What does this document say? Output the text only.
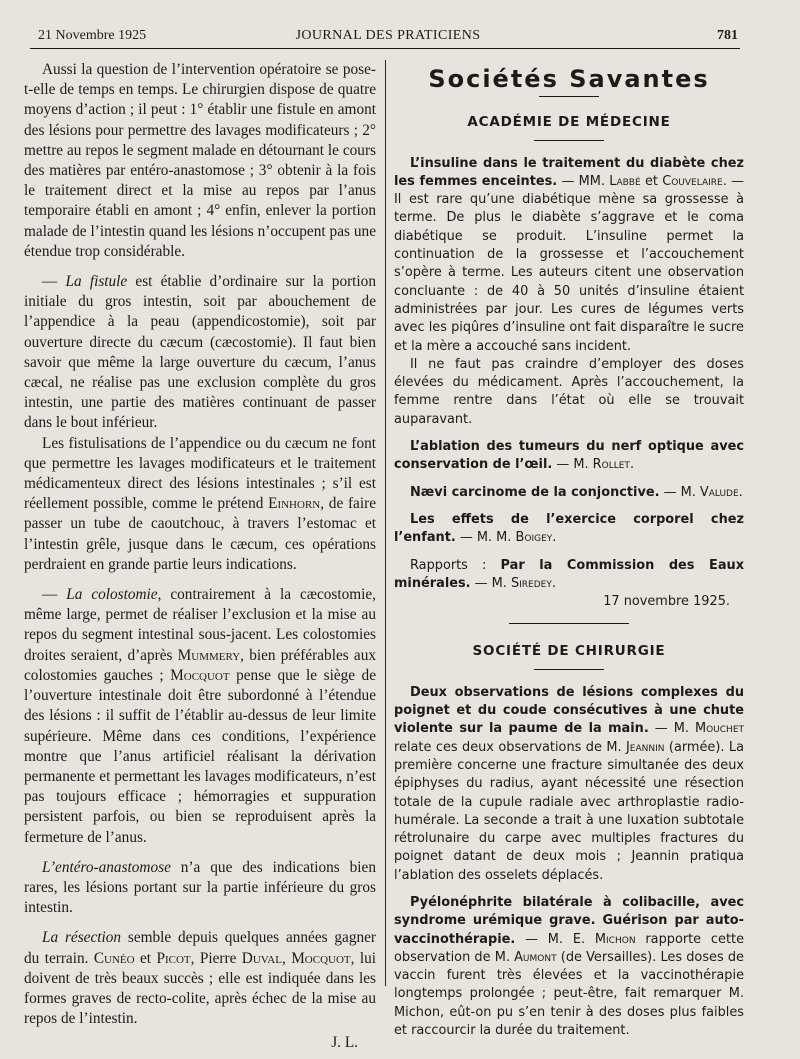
21 Novembre 1925	JOURNAL DES PRATICIENS	781

Aussi la question de l’intervention opératoire se pose-t-elle de temps en temps. Le chirurgien dispose de quatre moyens d’action ; il peut : 1° établir une fistule en amont des lésions pour permettre des lavages modificateurs ; 2° mettre au repos le segment malade en détournant le cours des matières par entéro-anastomose ; 3° obtenir à la fois le traitement direct et la mise au repos par l’anus temporaire établi en amont ; 4° enfin, enlever la portion malade de l’intestin quand les lésions n’occupent pas une étendue trop considérable.

— La fistule est établie d’ordinaire sur la portion initiale du gros intestin, soit par abouchement de l’appendice à la peau (appendicostomie), soit par ouverture directe du cæcum (cæcostomie). Il faut bien savoir que même la large ouverture du cæcum, l’anus cæcal, ne réalise pas une exclusion complète du gros intestin, une partie des matières continuant de passer dans le bout inférieur.

Les fistulisations de l’appendice ou du cæcum ne font que permettre les lavages modificateurs et le traitement médicamenteux direct des lésions intestinales ; s’il est réellement possible, comme le prétend Einhorn, de faire passer un tube de caoutchouc, à travers l’estomac et l’intestin grêle, jusque dans le cæcum, ces opérations perdraient en grande partie leurs indications.

— La colostomie, contrairement à la cæcostomie, même large, permet de réaliser l’exclusion et la mise au repos du segment intestinal sous-jacent. Les colostomies droites seraient, d’après Mummery, bien préférables aux colostomies gauches ; Mocquot pense que le siège de l’ouverture intestinale doit être subordonné à l’étendue des lésions : il suffit de l’établir au-dessus de leur limite supérieure. Même dans ces conditions, l’expérience montre que l’anus artificiel réalisant la dérivation permanente et permettant les lavages modificateurs, n’est pas toujours efficace ; hémorragies et suppuration persistent parfois, ou bien se reproduisent après la fermeture de l’anus.

L’entéro-anastomose n’a que des indications bien rares, les lésions portant sur la partie inférieure du gros intestin.

La résection semble depuis quelques années gagner du terrain. Cunéo et Picot, Pierre Duval, Mocquot, lui doivent de très beaux succès ; elle est indiquée dans les formes graves de recto-colite, après échec de la mise au repos de l’intestin.

J. L.

Sociétés Savantes
ACADÉMIE DE MÉDECINE

L’insuline dans le traitement du diabète chez les femmes enceintes. — MM. Labbé et Couvelaire. — Il est rare qu’une diabétique mène sa grossesse à terme. De plus le diabète s’aggrave et le coma diabétique se produit. L’insuline permet la continuation de la grossesse et l’accouchement s’opère à terme. Les auteurs citent une observation concluante : de 40 à 50 unités d’insuline étaient administrées par jour. Les cures de légumes verts avec les piqûres d’insuline ont fait disparaître le sucre et la mère a accouché sans incident.

Il ne faut pas craindre d’employer des doses élevées du médicament. Après l’accouchement, la femme rentre dans l’état où elle se trouvait auparavant.

L’ablation des tumeurs du nerf optique avec conservation de l’œil. — M. Rollet.

Nævi carcinome de la conjonctive. — M. Valude.

Les effets de l’exercice corporel chez l’enfant. — M. M. Boigey.

Rapports : Par la Commission des Eaux minérales. — M. Siredey.

17 novembre 1925.

SOCIÉTÉ DE CHIRURGIE

Deux observations de lésions complexes du poignet et du coude consécutives à une chute violente sur la paume de la main. — M. Mouchet relate ces deux observations de M. Jeannin (armée). La première concerne une fracture simultanée des deux épiphyses du radius, ayant nécessité une résection totale de la cupule radiale avec arthroplastie radio-humérale. La seconde a trait à une luxation subtotale rétrolunaire du carpe avec multiples fractures du poignet datant de deux mois ; Jeannin pratiqua l’ablation des osselets déplacés.

Pyélonéphrite bilatérale à colibacille, avec syndrome urémique grave. Guérison par auto-vaccinothérapie. — M. E. Michon rapporte cette observation de M. Aumont (de Versailles). Les doses de vaccin furent très élevées et la vaccinothérapie longtemps prolongée ; peut-être, fait remarquer M. Michon, eût-on pu s’en tenir à des doses plus faibles et raccourcir la durée du traitement.
